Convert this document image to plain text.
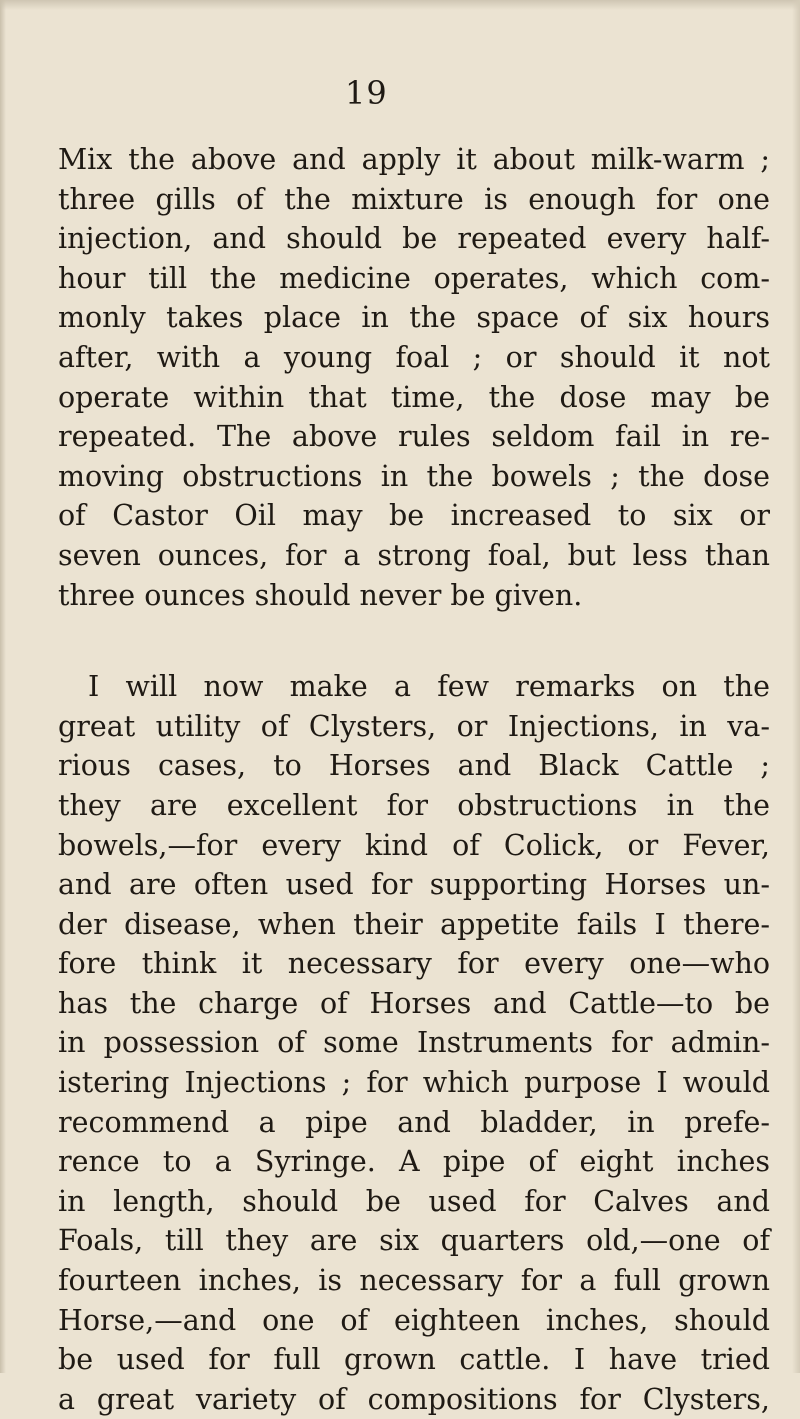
19

Mix the above and apply it about milk-warm ;

three gills of the mixture is enough for one

injection, and should be repeated every half-

hour till the medicine operates, which com-

monly takes place in the space of six hours

after, with a young foal ; or should it not

operate within that time, the dose may be

repeated. The above rules seldom fail in re-

moving obstructions in the bowels ; the dose

of Castor Oil may be increased to six or

seven ounces, for a strong foal, but less than

three ounces should never be given.

I will now make a few remarks on the

great utility of Clysters, or Injections, in va-

rious cases, to Horses and Black Cattle ;

they are excellent for obstructions in the

bowels,—for every kind of Colick, or Fever,

and are often used for supporting Horses un-

der disease, when their appetite fails I there-

fore think it necessary for every one—who

has the charge of Horses and Cattle—to be

in possession of some Instruments for admin-

istering Injections ; for which purpose I would

recommend a pipe and bladder, in prefe-

rence to a Syringe. A pipe of eight inches

in length, should be used for Calves and

Foals, till they are six quarters old,—one of

fourteen inches, is necessary for a full grown

Horse,—and one of eighteen inches, should

be used for full grown cattle. I have tried

a great variety of compositions for Clysters,
